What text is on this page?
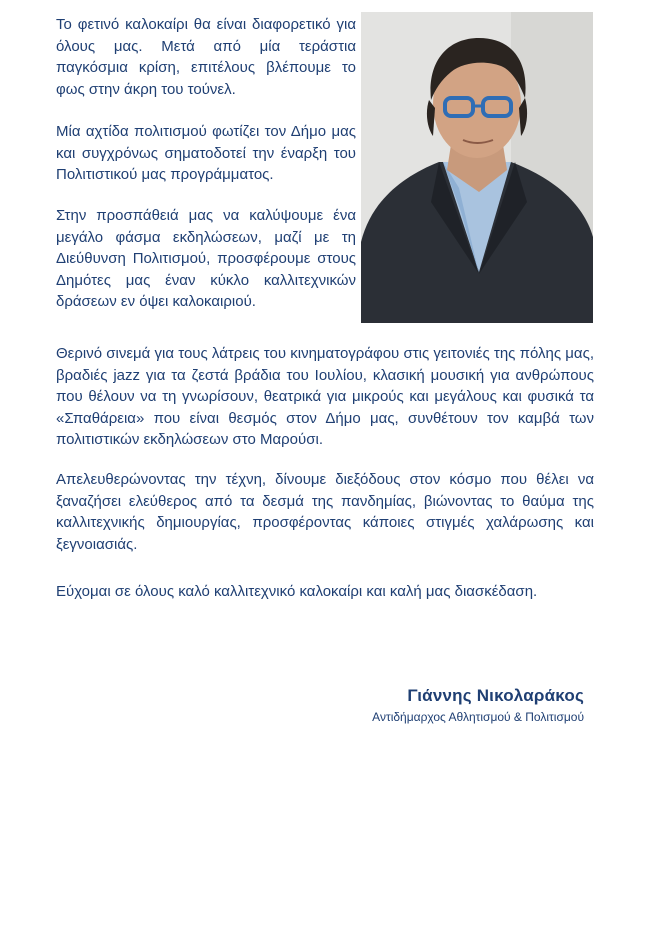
Το φετινό καλοκαίρι θα είναι διαφορετικό για όλους μας. Μετά από μία τεράστια παγκόσμια κρίση, επιτέλους βλέπουμε το φως στην άκρη του τούνελ.

Μία αχτίδα πολιτισμού φωτίζει τον Δήμο μας και συγχρόνως σηματοδοτεί την έναρξη του Πολιτιστικού μας προγράμματος.

Στην προσπάθειά μας να καλύψουμε ένα μεγάλο φάσμα εκδηλώσεων, μαζί με τη Διεύθυνση Πολιτισμού, προσφέρουμε στους Δημότες μας έναν κύκλο καλλιτεχνικών δράσεων εν όψει καλοκαιριού.

Θερινό σινεμά για τους λάτρεις του κινηματογράφου στις γειτονιές της πόλης μας, βραδιές jazz για τα ζεστά βράδια του Ιουλίου, κλασική μουσική για ανθρώπους που θέλουν να τη γνωρίσουν, θεατρικά για μικρούς και μεγάλους και φυσικά τα «Σπαθάρεια» που είναι θεσμός στον Δήμο μας, συνθέτουν τον καμβά των πολιτιστικών εκδηλώσεων στο Μαρούσι.

Απελευθερώνοντας την τέχνη, δίνουμε διεξόδους στον κόσμο που θέλει να ξαναζήσει ελεύθερος από τα δεσμά της πανδημίας, βιώνοντας το θαύμα της καλλιτεχνικής δημιουργίας, προσφέροντας κάποιες στιγμές χαλάρωσης και ξεγνοιασιάς.

Εύχομαι σε όλους καλό καλλιτεχνικό καλοκαίρι και καλή μας διασκέδαση.

Γιάννης Νικολαράκος
Αντιδήμαρχος Αθλητισμού & Πολιτισμού
